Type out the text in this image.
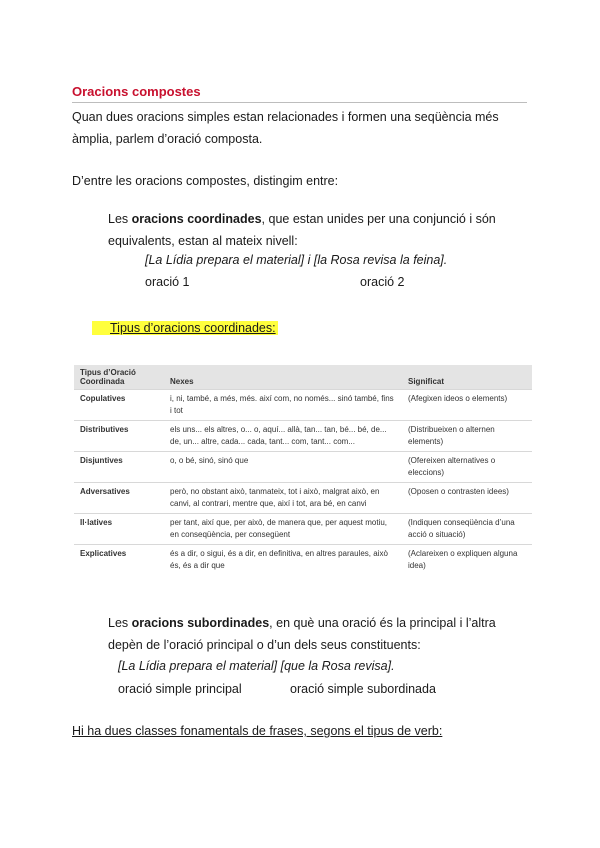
Oracions compostes
Quan dues oracions simples estan relacionades i formen una seqüència més àmplia, parlem d’oració composta.
D’entre les oracions compostes, distingim entre:
Les oracions coordinades, que estan unides per una conjunció i són equivalents, estan al mateix nivell:
[La Lídia prepara el material] i [la Rosa revisa la feina].
oració 1	oració 2
Tipus d’oracions coordinades:
Tipus d’Oració Coordinada	Nexes	Significat
Copulatives	i, ni, també, a més, més. així com, no només... sinó també, fins i tot	(Afegixen ideos o elements)
Distributives	els uns... els altres, o... o, aquí... allà, tan... tan, bé... bé, de... de, un... altre, cada... cada, tant... com, tant... com...	(Distribueixen o alternen elements)
Disjuntives	o, o bé, sinó, sinó que	(Ofereixen alternatives o eleccions)
Adversatives	però, no obstant això, tanmateix, tot i això, malgrat això, en canvi, al contrari, mentre que, així i tot, ara bé, en canvi	(Oposen o contrasten idees)
Il·latives	per tant, així que, per això, de manera que, per aquest motiu, en conseqüència, per consegüent	(Indiquen conseqüència d’una acció o situació)
Explicatives	és a dir, o sigui, és a dir, en definitiva, en altres paraules, això és, és a dir que	(Aclareixen o expliquen alguna idea)
Les oracions subordinades, en què una oració és la principal i l’altra depèn de l’oració principal o d’un dels seus constituents:
[La Lídia prepara el material] [que la Rosa revisa].
oració simple principal	oració simple subordinada
Hi ha dues classes fonamentals de frases, segons el tipus de verb:
